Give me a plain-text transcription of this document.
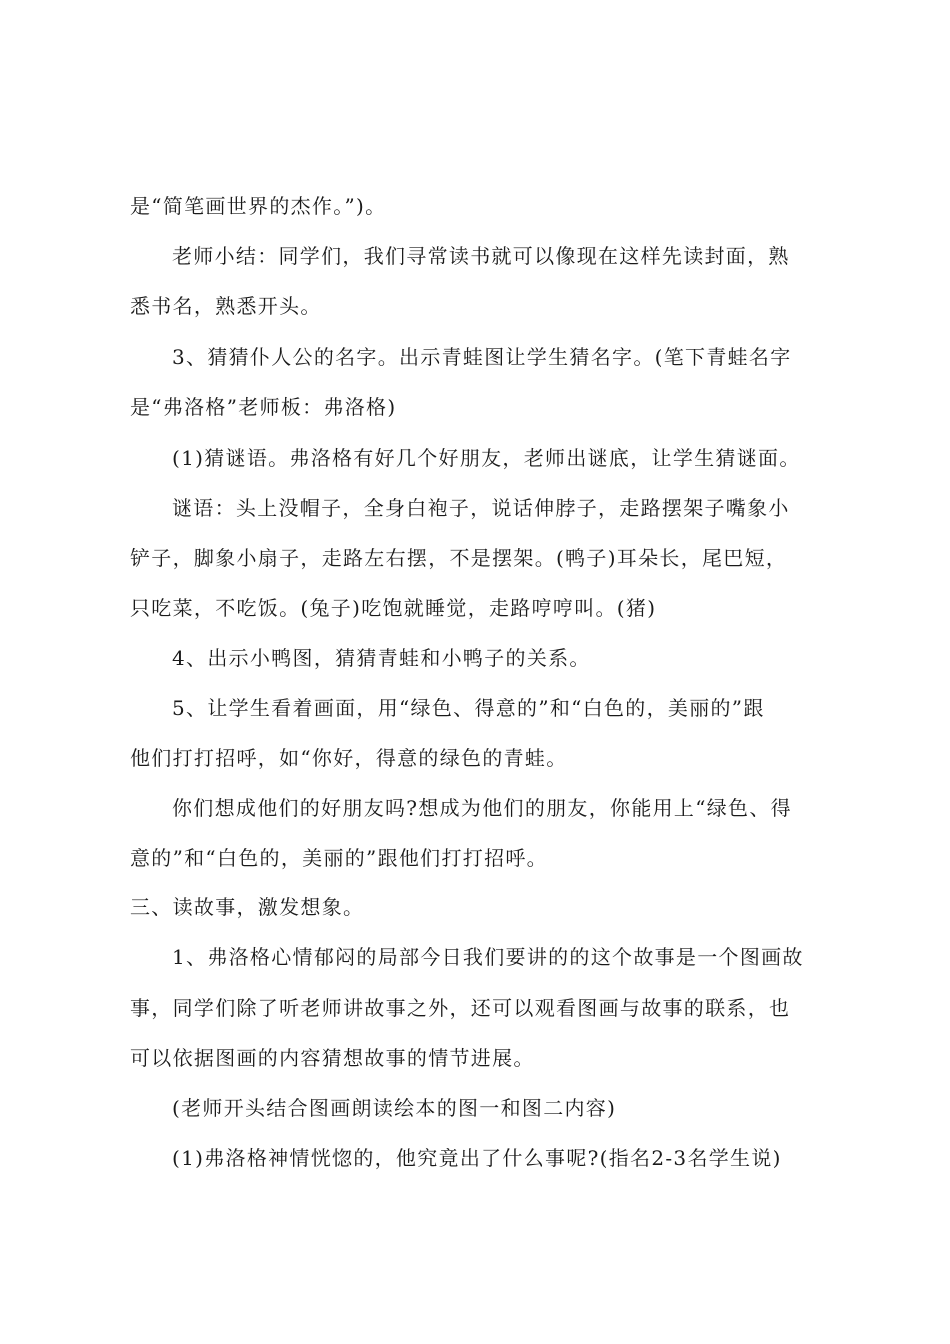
是“简笔画世界的杰作。”)。
老师小结：同学们，我们寻常读书就可以像现在这样先读封面，熟
悉书名，熟悉开头。
3、猜猜仆人公的名字。出示青蛙图让学生猜名字。(笔下青蛙名字
是“弗洛格”老师板：弗洛格)
(1)猜谜语。弗洛格有好几个好朋友，老师出谜底，让学生猜谜面。
谜语：头上没帽子，全身白袍子，说话伸脖子，走路摆架子嘴象小
铲子，脚象小扇子，走路左右摆，不是摆架。(鸭子)耳朵长，尾巴短，
只吃菜，不吃饭。(兔子)吃饱就睡觉，走路哼哼叫。(猪)
4、出示小鸭图，猜猜青蛙和小鸭子的关系。
5、让学生看着画面，用“绿色、得意的”和“白色的，美丽的”跟
他们打打招呼，如“你好，得意的绿色的青蛙。
你们想成他们的好朋友吗?想成为他们的朋友，你能用上“绿色、得
意的”和“白色的，美丽的”跟他们打打招呼。
三、读故事，激发想象。
1、弗洛格心情郁闷的局部今日我们要讲的的这个故事是一个图画故
事，同学们除了听老师讲故事之外，还可以观看图画与故事的联系，也
可以依据图画的内容猜想故事的情节进展。
(老师开头结合图画朗读绘本的图一和图二内容)
(1)弗洛格神情恍惚的，他究竟出了什么事呢?(指名2-3名学生说)
